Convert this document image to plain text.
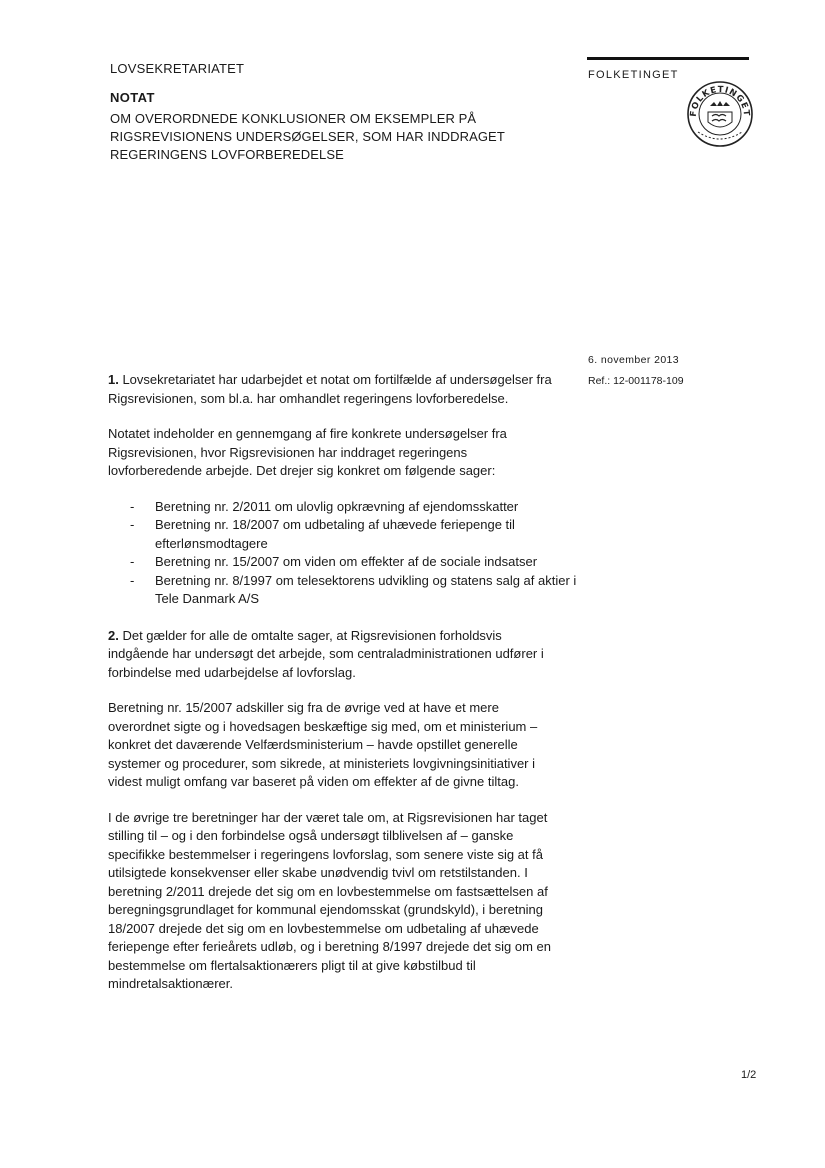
LOVSEKRETARIATET
NOTAT
OM OVERORDNEDE KONKLUSIONER OM EKSEMPLER PÅ
RIGSREVISIONENS UNDERSØGELSER, SOM HAR INDDRAGET
REGERINGENS LOVFORBEREDELSE
FOLKETINGET
FOLKETINGET
6. november 2013
Ref.: 12-001178-109
1. Lovsekretariatet har udarbejdet et notat om fortilfælde af undersøgelser fra
Rigsrevisionen, som bl.a. har omhandlet regeringens lovforberedelse.
Notatet indeholder en gennemgang af fire konkrete undersøgelser fra
Rigsrevisionen, hvor Rigsrevisionen har inddraget regeringens
lovforberedende arbejde. Det drejer sig konkret om følgende sager:
- Beretning nr. 2/2011 om ulovlig opkrævning af ejendomsskatter
- Beretning nr. 18/2007 om udbetaling af uhævede feriepenge til
efterlønsmodtagere
- Beretning nr. 15/2007 om viden om effekter af de sociale indsatser
- Beretning nr. 8/1997 om telesektorens udvikling og statens salg af aktier i
Tele Danmark A/S
2. Det gælder for alle de omtalte sager, at Rigsrevisionen forholdsvis
indgående har undersøgt det arbejde, som centraladministrationen udfører i
forbindelse med udarbejdelse af lovforslag.
Beretning nr. 15/2007 adskiller sig fra de øvrige ved at have et mere
overordnet sigte og i hovedsagen beskæftige sig med, om et ministerium –
konkret det daværende Velfærdsministerium – havde opstillet generelle
systemer og procedurer, som sikrede, at ministeriets lovgivningsinitiativer i
videst muligt omfang var baseret på viden om effekter af de givne tiltag.
I de øvrige tre beretninger har der været tale om, at Rigsrevisionen har taget
stilling til – og i den forbindelse også undersøgt tilblivelsen af – ganske
specifikke bestemmelser i regeringens lovforslag, som senere viste sig at få
utilsigtede konsekvenser eller skabe unødvendig tvivl om retstilstanden. I
beretning 2/2011 drejede det sig om en lovbestemmelse om fastsættelsen af
beregningsgrundlaget for kommunal ejendomsskat (grundskyld), i beretning
18/2007 drejede det sig om en lovbestemmelse om udbetaling af uhævede
feriepenge efter ferieårets udløb, og i beretning 8/1997 drejede det sig om en
bestemmelse om flertalsaktionærers pligt til at give købstilbud til
mindretalsaktionærer.
1/2
